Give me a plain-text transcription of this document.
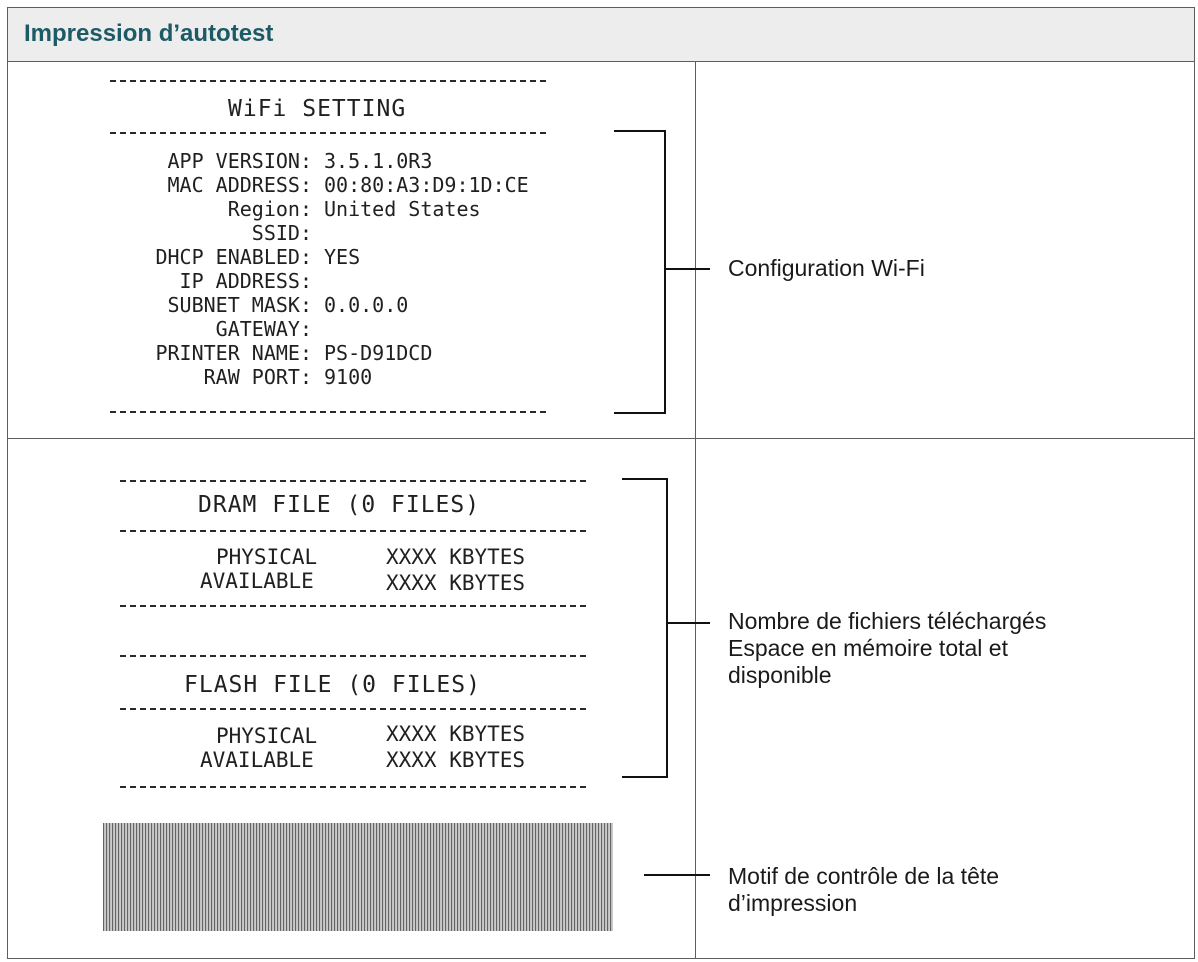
Impression d’autotest
WiFi SETTING
APP VERSION: 3.5.1.0R3
MAC ADDRESS: 00:80:A3:D9:1D:CE
Region: United States
SSID:
DHCP ENABLED: YES
IP ADDRESS:
SUBNET MASK: 0.0.0.0
GATEWAY:
PRINTER NAME: PS-D91DCD
RAW PORT: 9100
Configuration Wi-Fi
DRAM FILE (0 FILES)
PHYSICAL	XXXX KBYTES
AVAILABLE	XXXX KBYTES
FLASH FILE (0 FILES)
PHYSICAL	XXXX KBYTES
AVAILABLE	XXXX KBYTES
Nombre de fichiers téléchargés
Espace en mémoire total et
disponible
Motif de contrôle de la tête
d’impression
